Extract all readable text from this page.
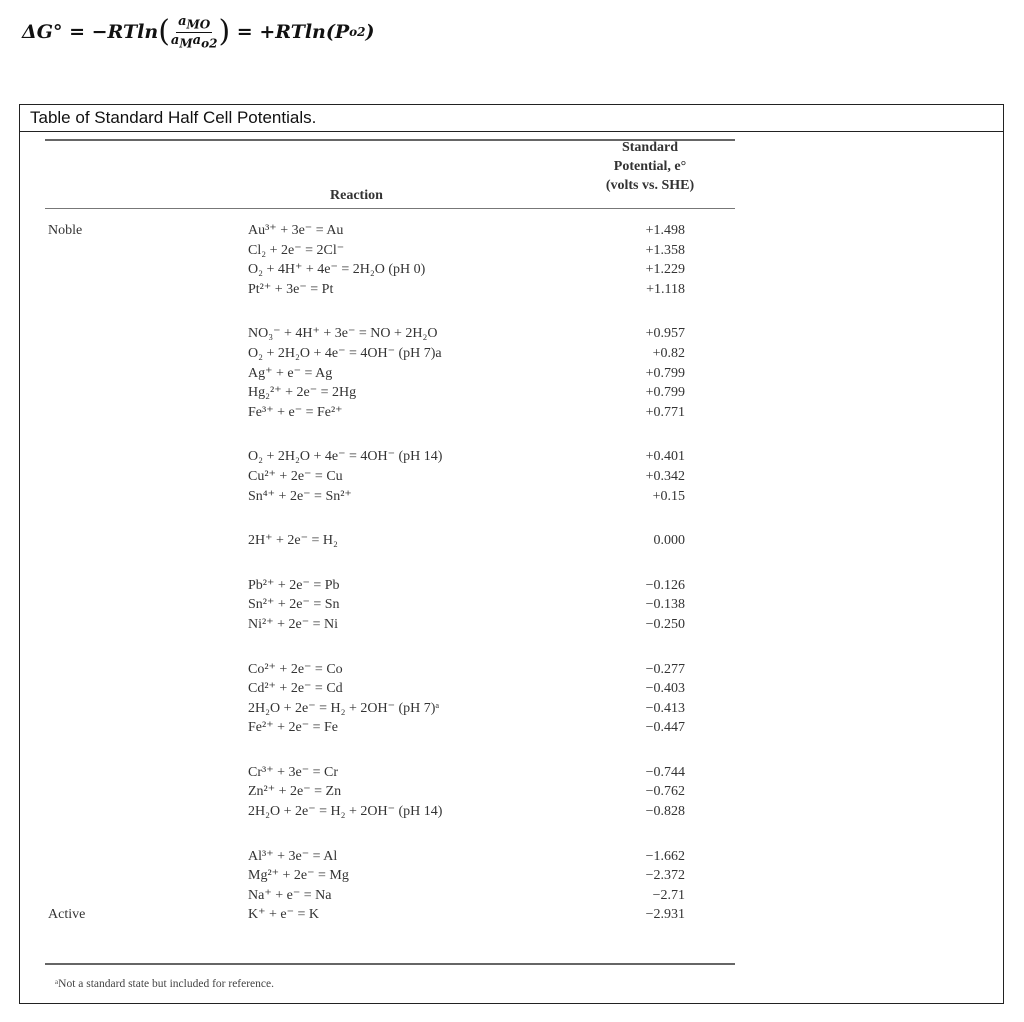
ΔG°
= −RTln ( $\frac{a_{MO}}{a_Ma_{o2}}$ )
= +RTln(P o2 )
Table of Standard Half Cell Potentials.
Standard
Potential, e°
(volts vs. SHE)
Reaction
Noble	Au³⁺ + 3e⁻ = Au	+1.498
Cl₂ + 2e⁻ = 2Cl⁻	+1.358
O₂ + 4H⁺ + 4e⁻ = 2H₂O (pH 0)	+1.229
Pt²⁺ + 3e⁻ = Pt	+1.118
NO₃⁻ + 4H⁺ + 3e⁻ = NO + 2H₂O	+0.957
O₂ + 2H₂O + 4e⁻ = 4OH⁻ (pH 7)a	+0.82
Ag⁺ + e⁻ = Ag	+0.799
Hg₂²⁺ + 2e⁻ = 2Hg	+0.799
Fe³⁺ + e⁻ = Fe²⁺	+0.771
O₂ + 2H₂O + 4e⁻ = 4OH⁻ (pH 14)	+0.401
Cu²⁺ + 2e⁻ = Cu	+0.342
Sn⁴⁺ + 2e⁻ = Sn²⁺	+0.15
2H⁺ + 2e⁻ = H₂	0.000
Pb²⁺ + 2e⁻ = Pb	−0.126
Sn²⁺ + 2e⁻ = Sn	−0.138
Ni²⁺ + 2e⁻ = Ni	−0.250
Co²⁺ + 2e⁻ = Co	−0.277
Cd²⁺ + 2e⁻ = Cd	−0.403
2H₂O + 2e⁻ = H₂ + 2OH⁻ (pH 7)ᵃ	−0.413
Fe²⁺ + 2e⁻ = Fe	−0.447
Cr³⁺ + 3e⁻ = Cr	−0.744
Zn²⁺ + 2e⁻ = Zn	−0.762
2H₂O + 2e⁻ = H₂ + 2OH⁻ (pH 14)	−0.828
Al³⁺ + 3e⁻ = Al	−1.662
Mg²⁺ + 2e⁻ = Mg	−2.372
Na⁺ + e⁻ = Na	−2.71
Active	K⁺ + e⁻ = K	−2.931
ᵃNot a standard state but included for reference.
